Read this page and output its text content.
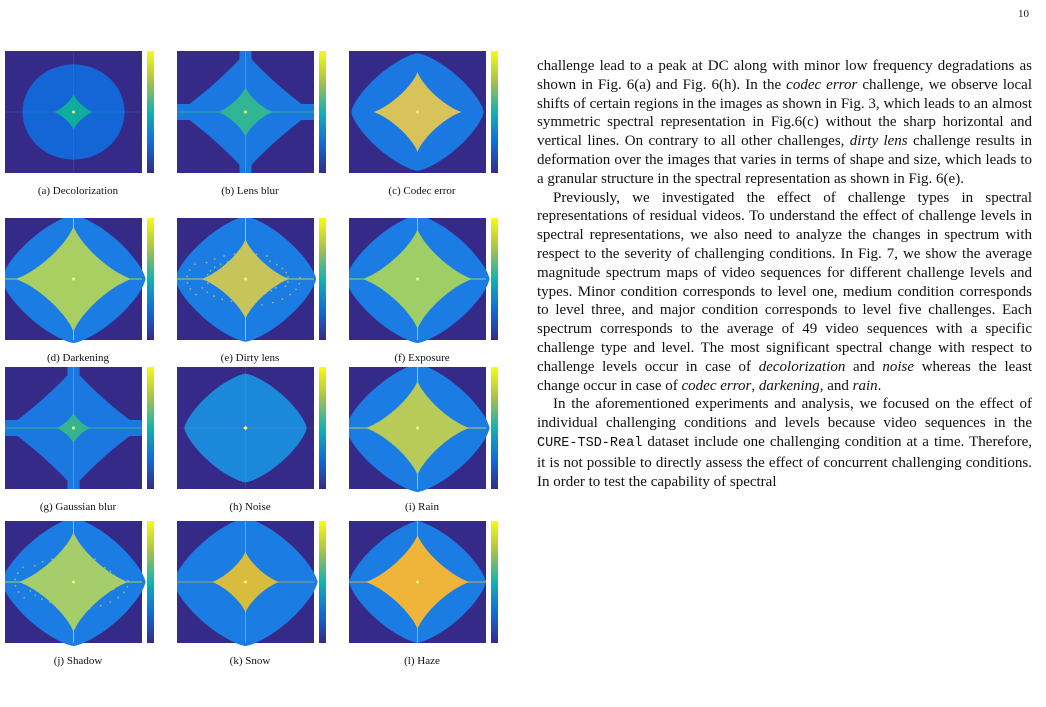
10
(a) Decolorization	(b) Lens blur	(c) Codec error
(d) Darkening	(e) Dirty lens	(f) Exposure
(g) Gaussian blur	(h) Noise	(i) Rain
(j) Shadow	(k) Snow	(l) Haze

challenge lead to a peak at DC along with minor low frequency degradations as shown in Fig. 6(a) and Fig. 6(h). In the codec error challenge, we observe local shifts of certain regions in the images as shown in Fig. 3, which leads to an almost symmetric spectral representation in Fig.6(c) without the sharp horizontal and vertical lines. On contrary to all other challenges, dirty lens challenge results in deformation over the images that varies in terms of shape and size, which leads to a granular structure in the spectral representation as shown in Fig. 6(e).

Previously, we investigated the effect of challenge types in spectral representations of residual videos. To understand the effect of challenge levels in spectral representations, we also need to analyze the changes in spectrum with respect to the severity of challenging conditions. In Fig. 7, we show the average magnitude spectrum maps of video sequences for different challenge levels and types. Minor condition corresponds to level one, medium condition corresponds to level three, and major condition corresponds to level five challenges. Each spectrum corresponds to the average of 49 video sequences with a specific challenge type and level. The most significant spectral change with respect to challenge levels occur in case of decolorization and noise whereas the least change occur in case of codec error, darkening, and rain.

In the aforementioned experiments and analysis, we focused on the effect of individual challenging conditions and levels because video sequences in the CURE-TSD-Real dataset include one challenging condition at a time. Therefore, it is not possible to directly assess the effect of concurrent challenging conditions. In order to test the capability of spectral
